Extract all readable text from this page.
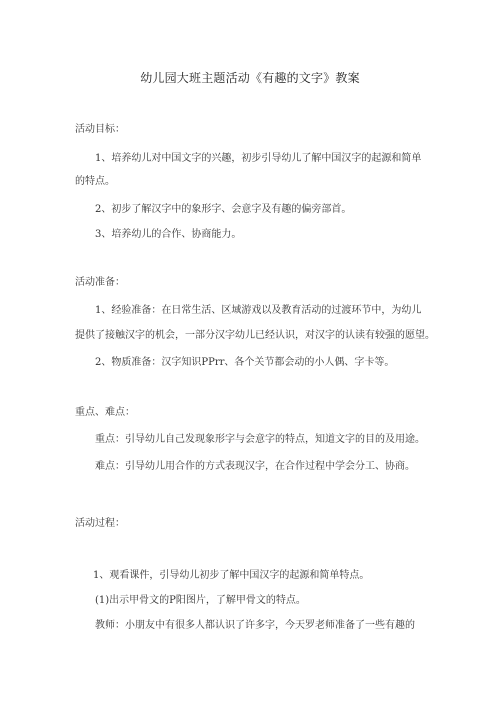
幼儿园大班主题活动《有趣的文字》教案
活动目标：
1、培养幼儿对中国文字的兴趣，初步引导幼儿了解中国汉字的起源和简单
的特点。
2、初步了解汉字中的象形字、会意字及有趣的偏旁部首。
3、培养幼儿的合作、协商能力。
活动准备：
1、经验准备：在日常生活、区域游戏以及教育活动的过渡环节中，为幼儿
提供了接触汉字的机会，一部分汉字幼儿已经认识，对汉字的认读有较强的愿望。
2、物质准备：汉字知识PPrr、各个关节都会动的小人偶、字卡等。
重点、难点：
重点：引导幼儿自己发现象形字与会意字的特点，知道文字的目的及用途。
难点：引导幼儿用合作的方式表现汉字，在合作过程中学会分工、协商。
活动过程：
1、观看课件，引导幼儿初步了解中国汉字的起源和简单特点。
(1)出示甲骨文的P阳图片，了解甲骨文的特点。
教师：小朋友中有很多人都认识了许多字，今天罗老师准备了一些有趣的
